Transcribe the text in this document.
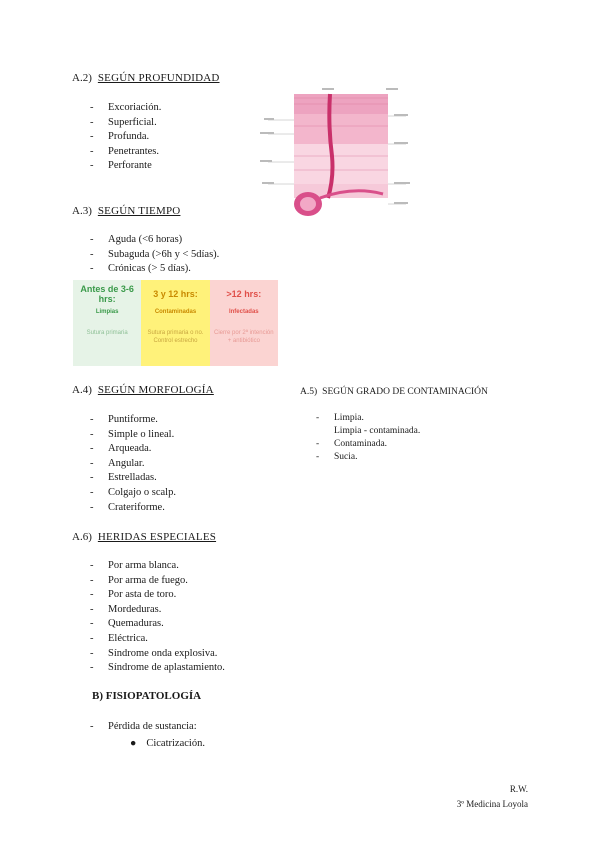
A.2) SEGÚN PROFUNDIDAD
- Excoriación.
- Superficial.
- Profunda.
- Penetrantes.
- Perforante
A.3) SEGÚN TIEMPO
- Aguda (<6 horas)
- Subaguda (>6h y < 5días).
- Crónicas (> 5 días).
Antes de 3-6 hrs:
Limpias
Sutura primaria
3 y 12 hrs:
Contaminadas
Sutura primaria o no. Control estrecho
>12 hrs:
Infectadas
Cierre por 2ª intención + antibiótico
A.4) SEGÚN MORFOLOGÍA
- Puntiforme.
- Simple o lineal.
- Arqueada.
- Angular.
- Estrelladas.
- Colgajo o scalp.
- Crateriforme.
A.5) SEGÚN GRADO DE CONTAMINACIÓN
- Limpia.
Limpia - contaminada.
- Contaminada.
- Sucia.
A.6) HERIDAS ESPECIALES
- Por arma blanca.
- Por arma de fuego.
- Por asta de toro.
- Mordeduras.
- Quemaduras.
- Eléctrica.
- Síndrome onda explosiva.
- Síndrome de aplastamiento.
B) FISIOPATOLOGÍA
- Pérdida de sustancia:
● Cicatrización.
R.W.
3º Medicina Loyola
